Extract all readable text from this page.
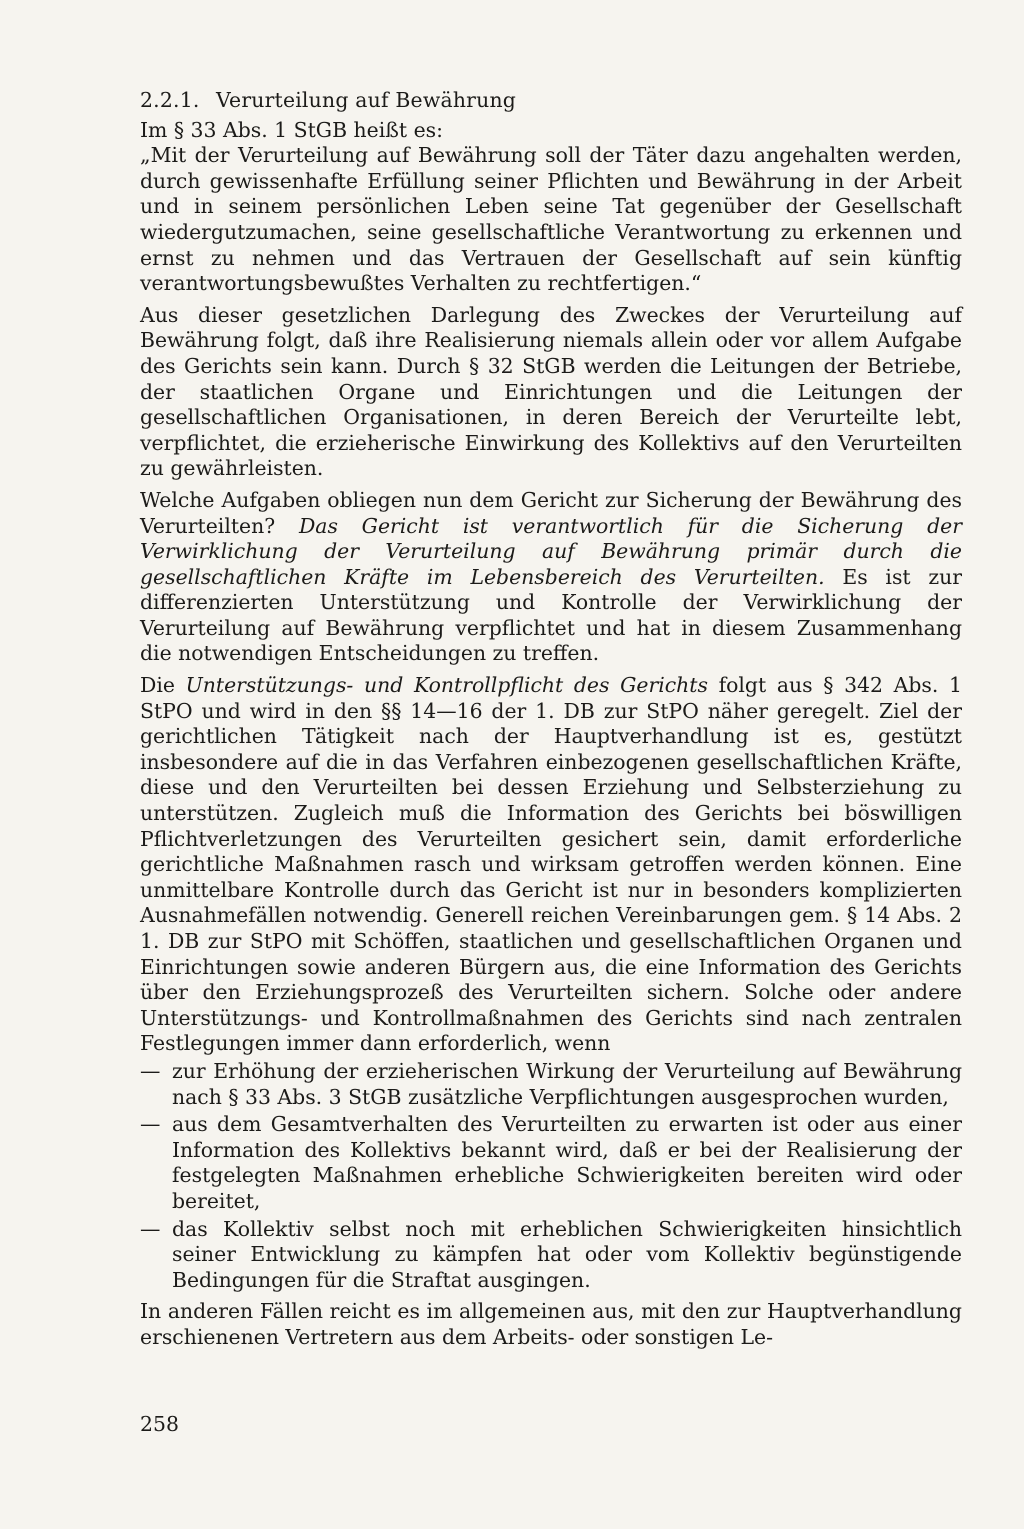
2.2.1. Verurteilung auf Bewährung

Im § 33 Abs. 1 StGB heißt es:

„Mit der Verurteilung auf Bewährung soll der Täter dazu angehalten werden, durch gewissenhafte Erfüllung seiner Pflichten und Bewährung in der Arbeit und in seinem persönlichen Leben seine Tat gegenüber der Gesellschaft wiedergutzumachen, seine gesellschaftliche Verantwortung zu erkennen und ernst zu nehmen und das Vertrauen der Gesellschaft auf sein künftig verantwortungsbewußtes Verhalten zu rechtfertigen.“

Aus dieser gesetzlichen Darlegung des Zweckes der Verurteilung auf Bewährung folgt, daß ihre Realisierung niemals allein oder vor allem Aufgabe des Gerichts sein kann. Durch § 32 StGB werden die Leitungen der Betriebe, der staatlichen Organe und Einrichtungen und die Leitungen der gesellschaftlichen Organisationen, in deren Bereich der Verurteilte lebt, verpflichtet, die erzieherische Einwirkung des Kollektivs auf den Verurteilten zu gewährleisten.

Welche Aufgaben obliegen nun dem Gericht zur Sicherung der Bewährung des Verurteilten? Das Gericht ist verantwortlich für die Sicherung der Verwirklichung der Verurteilung auf Bewährung primär durch die gesellschaftlichen Kräfte im Lebensbereich des Verurteilten. Es ist zur differenzierten Unterstützung und Kontrolle der Verwirklichung der Verurteilung auf Bewährung verpflichtet und hat in diesem Zusammenhang die notwendigen Entscheidungen zu treffen.

Die Unterstützungs- und Kontrollpflicht des Gerichts folgt aus § 342 Abs. 1 StPO und wird in den §§ 14—16 der 1. DB zur StPO näher geregelt. Ziel der gerichtlichen Tätigkeit nach der Hauptverhandlung ist es, gestützt insbesondere auf die in das Verfahren einbezogenen gesellschaftlichen Kräfte, diese und den Verurteilten bei dessen Erziehung und Selbsterziehung zu unterstützen. Zugleich muß die Information des Gerichts bei böswilligen Pflichtverletzungen des Verurteilten gesichert sein, damit erforderliche gerichtliche Maßnahmen rasch und wirksam getroffen werden können. Eine unmittelbare Kontrolle durch das Gericht ist nur in besonders komplizierten Ausnahmefällen notwendig. Generell reichen Vereinbarungen gem. § 14 Abs. 2 1. DB zur StPO mit Schöffen, staatlichen und gesellschaftlichen Organen und Einrichtungen sowie anderen Bürgern aus, die eine Information des Gerichts über den Erziehungsprozeß des Verurteilten sichern. Solche oder andere Unterstützungs- und Kontrollmaßnahmen des Gerichts sind nach zentralen Festlegungen immer dann erforderlich, wenn

— zur Erhöhung der erzieherischen Wirkung der Verurteilung auf Bewährung nach § 33 Abs. 3 StGB zusätzliche Verpflichtungen ausgesprochen wurden,
— aus dem Gesamtverhalten des Verurteilten zu erwarten ist oder aus einer Information des Kollektivs bekannt wird, daß er bei der Realisierung der festgelegten Maßnahmen erhebliche Schwierigkeiten bereiten wird oder bereitet,
— das Kollektiv selbst noch mit erheblichen Schwierigkeiten hinsichtlich seiner Entwicklung zu kämpfen hat oder vom Kollektiv begünstigende Bedingungen für die Straftat ausgingen.

In anderen Fällen reicht es im allgemeinen aus, mit den zur Hauptverhandlung erschienenen Vertretern aus dem Arbeits- oder sonstigen Le-

258
